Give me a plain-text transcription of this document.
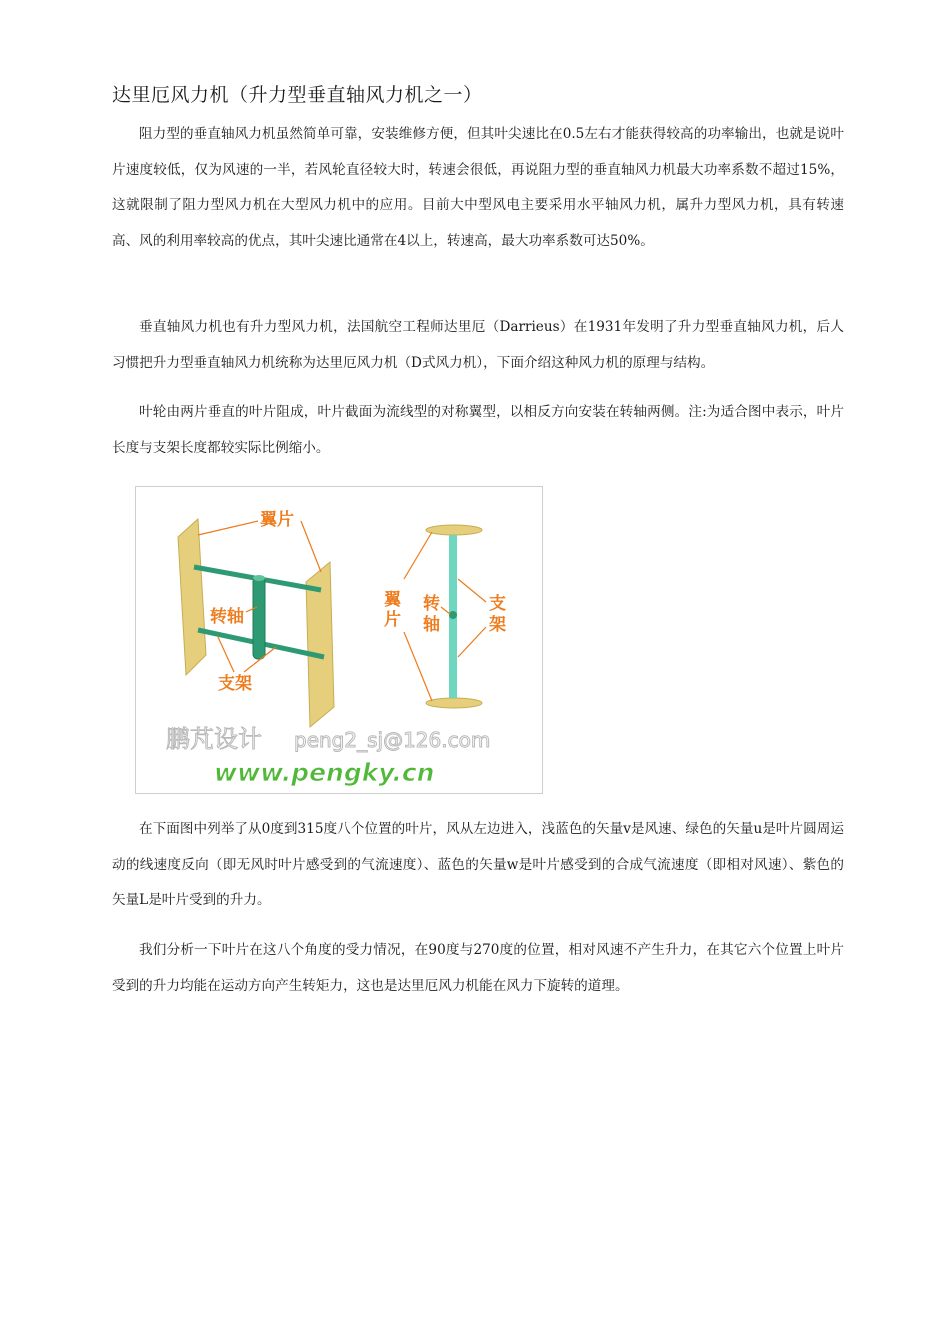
达里厄风力机（升力型垂直轴风力机之一）

阻力型的垂直轴风力机虽然简单可靠，安装维修方便，但其叶尖速比在0.5左右才能获得较高的功率输出，也就是说叶片速度较低，仅为风速的一半，若风轮直径较大时，转速会很低，再说阻力型的垂直轴风力机最大功率系数不超过15%，这就限制了阻力型风力机在大型风力机中的应用。目前大中型风电主要采用水平轴风力机，属升力型风力机，具有转速高、风的利用率较高的优点，其叶尖速比通常在4以上，转速高，最大功率系数可达50%。

垂直轴风力机也有升力型风力机，法国航空工程师达里厄（Darrieus）在1931年发明了升力型垂直轴风力机，后人习惯把升力型垂直轴风力机统称为达里厄风力机（D式风力机），下面介绍这种风力机的原理与结构。

叶轮由两片垂直的叶片阻成，叶片截面为流线型的对称翼型，以相反方向安装在转轴两侧。注:为适合图中表示，叶片长度与支架长度都较实际比例缩小。

翼片
转轴
支架
翼
片
转
轴
支
架
鹏芃设计 peng2_sj@126.com
www.pengky.cn

在下面图中列举了从0度到315度八个位置的叶片，风从左边进入，浅蓝色的矢量v是风速、绿色的矢量u是叶片圆周运动的线速度反向（即无风时叶片感受到的气流速度）、蓝色的矢量w是叶片感受到的合成气流速度（即相对风速）、紫色的矢量L是叶片受到的升力。

我们分析一下叶片在这八个角度的受力情况，在90度与270度的位置，相对风速不产生升力，在其它六个位置上叶片受到的升力均能在运动方向产生转矩力，这也是达里厄风力机能在风力下旋转的道理。
